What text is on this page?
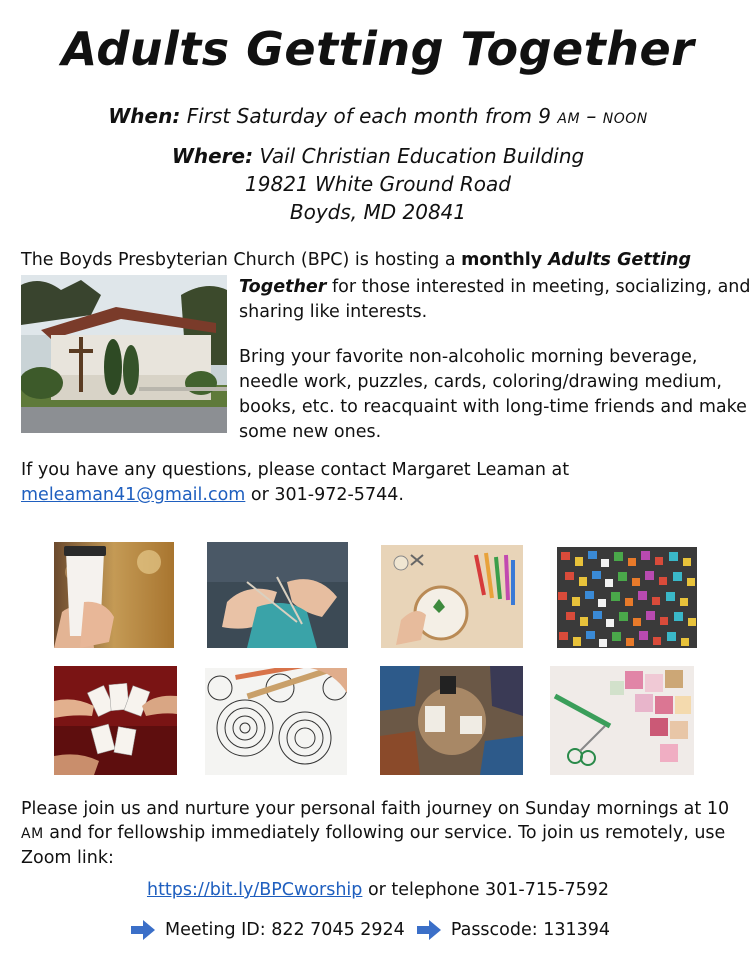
Adults Getting Together
When: First Saturday of each month from 9 AM – NOON
Where: Vail Christian Education Building
19821 White Ground Road
Boyds, MD 20841
The Boyds Presbyterian Church (BPC) is hosting a monthly Adults Getting
Together for those interested in meeting, socializing, and sharing like interests.
Bring your favorite non-alcoholic morning beverage, needle work, puzzles, cards, coloring/drawing medium, books, etc. to reacquaint with long-time friends and make some new ones.
If you have any questions, please contact Margaret Leaman at
meleaman41@gmail.com or 301-972-5744.
Please join us and nurture your personal faith journey on Sunday mornings at 10 AM and for fellowship immediately following our service. To join us remotely, use Zoom link:
https://bit.ly/BPCworship or telephone 301-715-7592
Meeting ID: 822 7045 2924	Passcode: 131394
